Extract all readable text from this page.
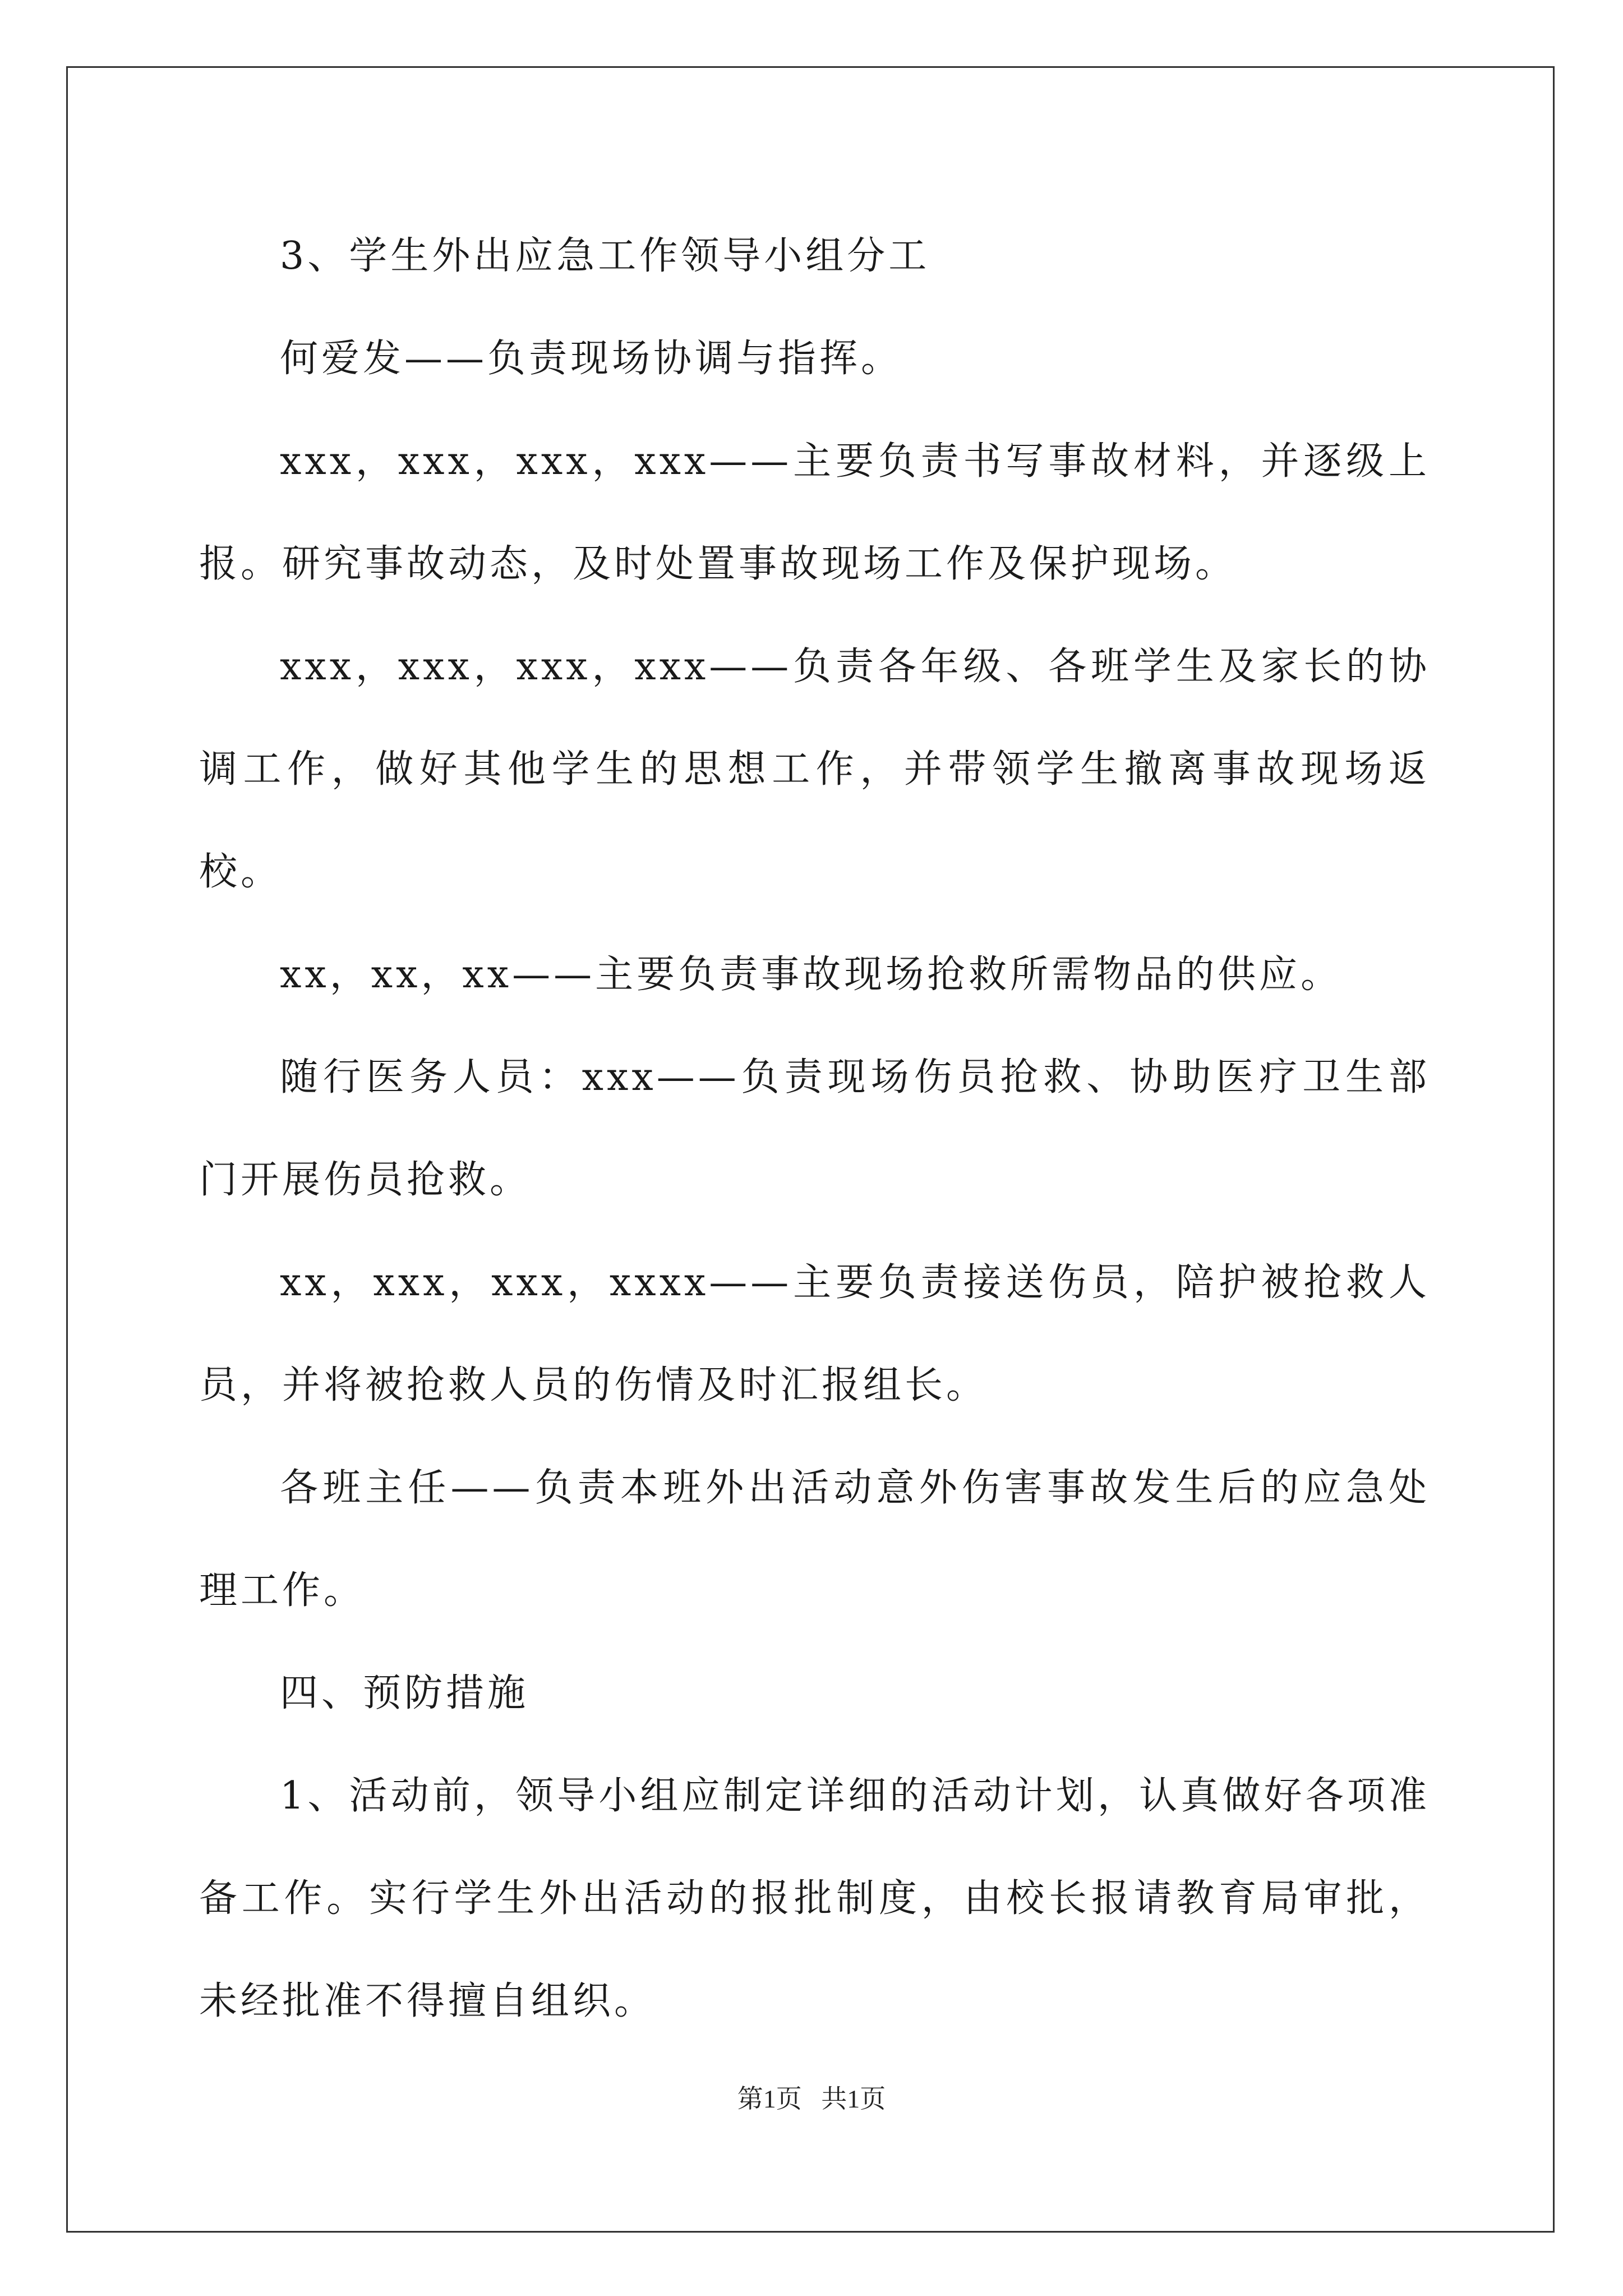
3、学生外出应急工作领导小组分工

何爱发——负责现场协调与指挥。

xxx，xxx，xxx，xxx——主要负责书写事故材料，并逐级上报。研究事故动态，及时处置事故现场工作及保护现场。

xxx，xxx，xxx，xxx——负责各年级、各班学生及家长的协调工作，做好其他学生的思想工作，并带领学生撤离事故现场返校。

xx，xx，xx——主要负责事故现场抢救所需物品的供应。

随行医务人员：xxx——负责现场伤员抢救、协助医疗卫生部门开展伤员抢救。

xx，xxx，xxx，xxxx——主要负责接送伤员，陪护被抢救人员，并将被抢救人员的伤情及时汇报组长。

各班主任——负责本班外出活动意外伤害事故发生后的应急处理工作。

四、预防措施

1、活动前，领导小组应制定详细的活动计划，认真做好各项准备工作。实行学生外出活动的报批制度，由校长报请教育局审批，未经批准不得擅自组织。

第1页   共1页
